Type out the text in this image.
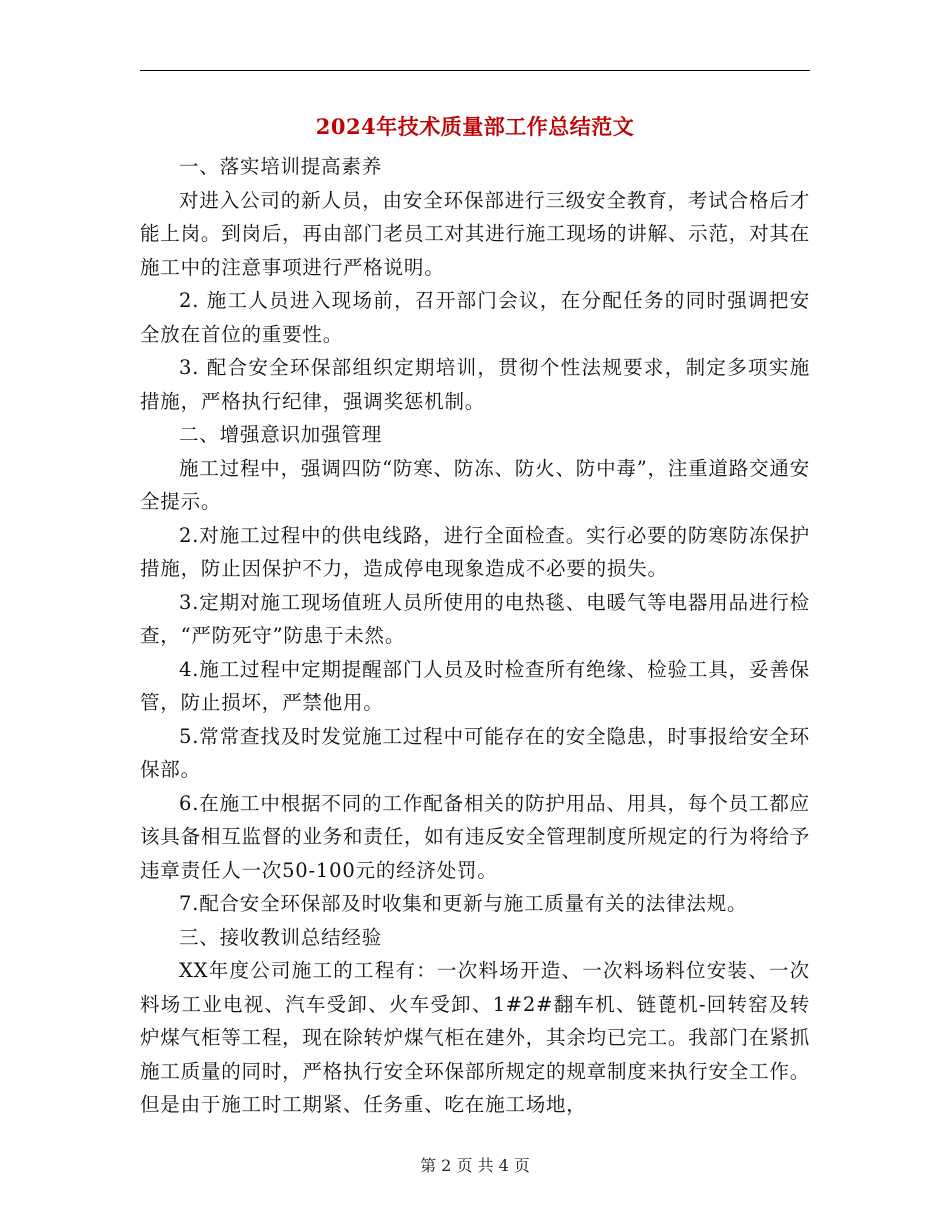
2024年技术质量部工作总结范文

一、落实培训提高素养

对进入公司的新人员，由安全环保部进行三级安全教育，考试合格后才能上岗。到岗后，再由部门老员工对其进行施工现场的讲解、示范，对其在施工中的注意事项进行严格说明。

2. 施工人员进入现场前，召开部门会议，在分配任务的同时强调把安全放在首位的重要性。

3. 配合安全环保部组织定期培训，贯彻个性法规要求，制定多项实施措施，严格执行纪律，强调奖惩机制。

二、增强意识加强管理

施工过程中，强调四防“防寒、防冻、防火、防中毒”，注重道路交通安全提示。

2.对施工过程中的供电线路，进行全面检查。实行必要的防寒防冻保护措施，防止因保护不力，造成停电现象造成不必要的损失。

3.定期对施工现场值班人员所使用的电热毯、电暖气等电器用品进行检查，“严防死守”防患于未然。

4.施工过程中定期提醒部门人员及时检查所有绝缘、检验工具，妥善保管，防止损坏，严禁他用。

5.常常查找及时发觉施工过程中可能存在的安全隐患，时事报给安全环保部。

6.在施工中根据不同的工作配备相关的防护用品、用具，每个员工都应该具备相互监督的业务和责任，如有违反安全管理制度所规定的行为将给予违章责任人一次50-100元的经济处罚。

7.配合安全环保部及时收集和更新与施工质量有关的法律法规。

三、接收教训总结经验

XX年度公司施工的工程有：一次料场开造、一次料场料位安装、一次料场工业电视、汽车受卸、火车受卸、1#2#翻车机、链蓖机-回转窑及转炉煤气柜等工程，现在除转炉煤气柜在建外，其余均已完工。我部门在紧抓施工质量的同时，严格执行安全环保部所规定的规章制度来执行安全工作。但是由于施工时工期紧、任务重、吃在施工场地，

第 2 页 共 4 页
